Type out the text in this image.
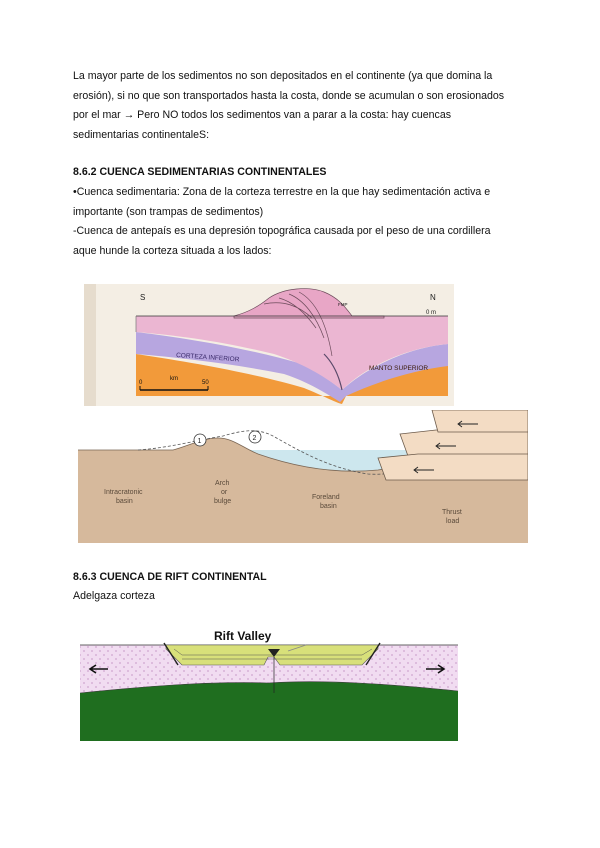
La mayor parte de los sedimentos no son depositados en el continente (ya que domina la
erosión), si no que son transportados hasta la costa, donde se acumulan o son erosionados
por el mar → Pero NO todos los sedimentos van a parar a la costa: hay cuencas
sedimentarias continentaleS:
8.6.2 CUENCA SEDIMENTARIAS CONTINENTALES
•Cuenca sedimentaria: Zona de la corteza terrestre en la que hay sedimentación activa e
importante (son trampas de sedimentos)
-Cuenca de antepaís es una depresión topográfica causada por el peso de una cordillera
aque hunde la corteza situada a los lados:
S	N
FMP
0 m
CORTEZA INFERIOR
MANTO SUPERIOR
0
km
50
1	2
Intracratonic basin
Arch or bulge
Foreland basin
Thrust load
8.6.3 CUENCA DE RIFT CONTINENTAL
Adelgaza corteza
Rift Valley
